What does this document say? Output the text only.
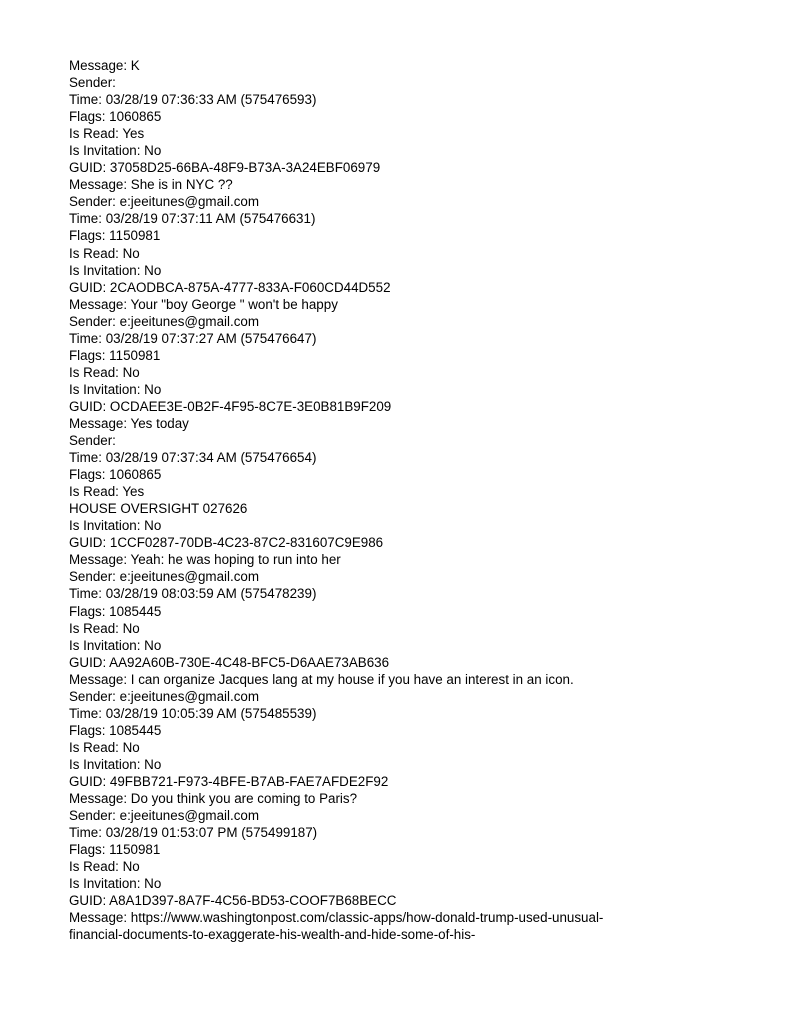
Message: K
Sender:
Time: 03/28/19 07:36:33 AM (575476593)
Flags: 1060865
Is Read: Yes
Is Invitation: No
GUID: 37058D25-66BA-48F9-B73A-3A24EBF06979
Message: She is in NYC ??
Sender: e:jeeitunes@gmail.com
Time: 03/28/19 07:37:11 AM (575476631)
Flags: 1150981
Is Read: No
Is Invitation: No
GUID: 2CAODBCA-875A-4777-833A-F060CD44D552
Message: Your "boy George " won't be happy
Sender: e:jeeitunes@gmail.com
Time: 03/28/19 07:37:27 AM (575476647)
Flags: 1150981
Is Read: No
Is Invitation: No
GUID: OCDAEE3E-0B2F-4F95-8C7E-3E0B81B9F209
Message: Yes today
Sender:
Time: 03/28/19 07:37:34 AM (575476654)
Flags: 1060865
Is Read: Yes
HOUSE OVERSIGHT 027626
Is Invitation: No
GUID: 1CCF0287-70DB-4C23-87C2-831607C9E986
Message: Yeah: he was hoping to run into her
Sender: e:jeeitunes@gmail.com
Time: 03/28/19 08:03:59 AM (575478239)
Flags: 1085445
Is Read: No
Is Invitation: No
GUID: AA92A60B-730E-4C48-BFC5-D6AAE73AB636
Message: I can organize Jacques lang at my house if you have an interest in an icon.
Sender: e:jeeitunes@gmail.com
Time: 03/28/19 10:05:39 AM (575485539)
Flags: 1085445
Is Read: No
Is Invitation: No
GUID: 49FBB721-F973-4BFE-B7AB-FAE7AFDE2F92
Message: Do you think you are coming to Paris?
Sender: e:jeeitunes@gmail.com
Time: 03/28/19 01:53:07 PM (575499187)
Flags: 1150981
Is Read: No
Is Invitation: No
GUID: A8A1D397-8A7F-4C56-BD53-COOF7B68BECC
Message: https://www.washingtonpost.com/classic-apps/how-donald-trump-used-unusual-
financial-documents-to-exaggerate-his-wealth-and-hide-some-of-his-
